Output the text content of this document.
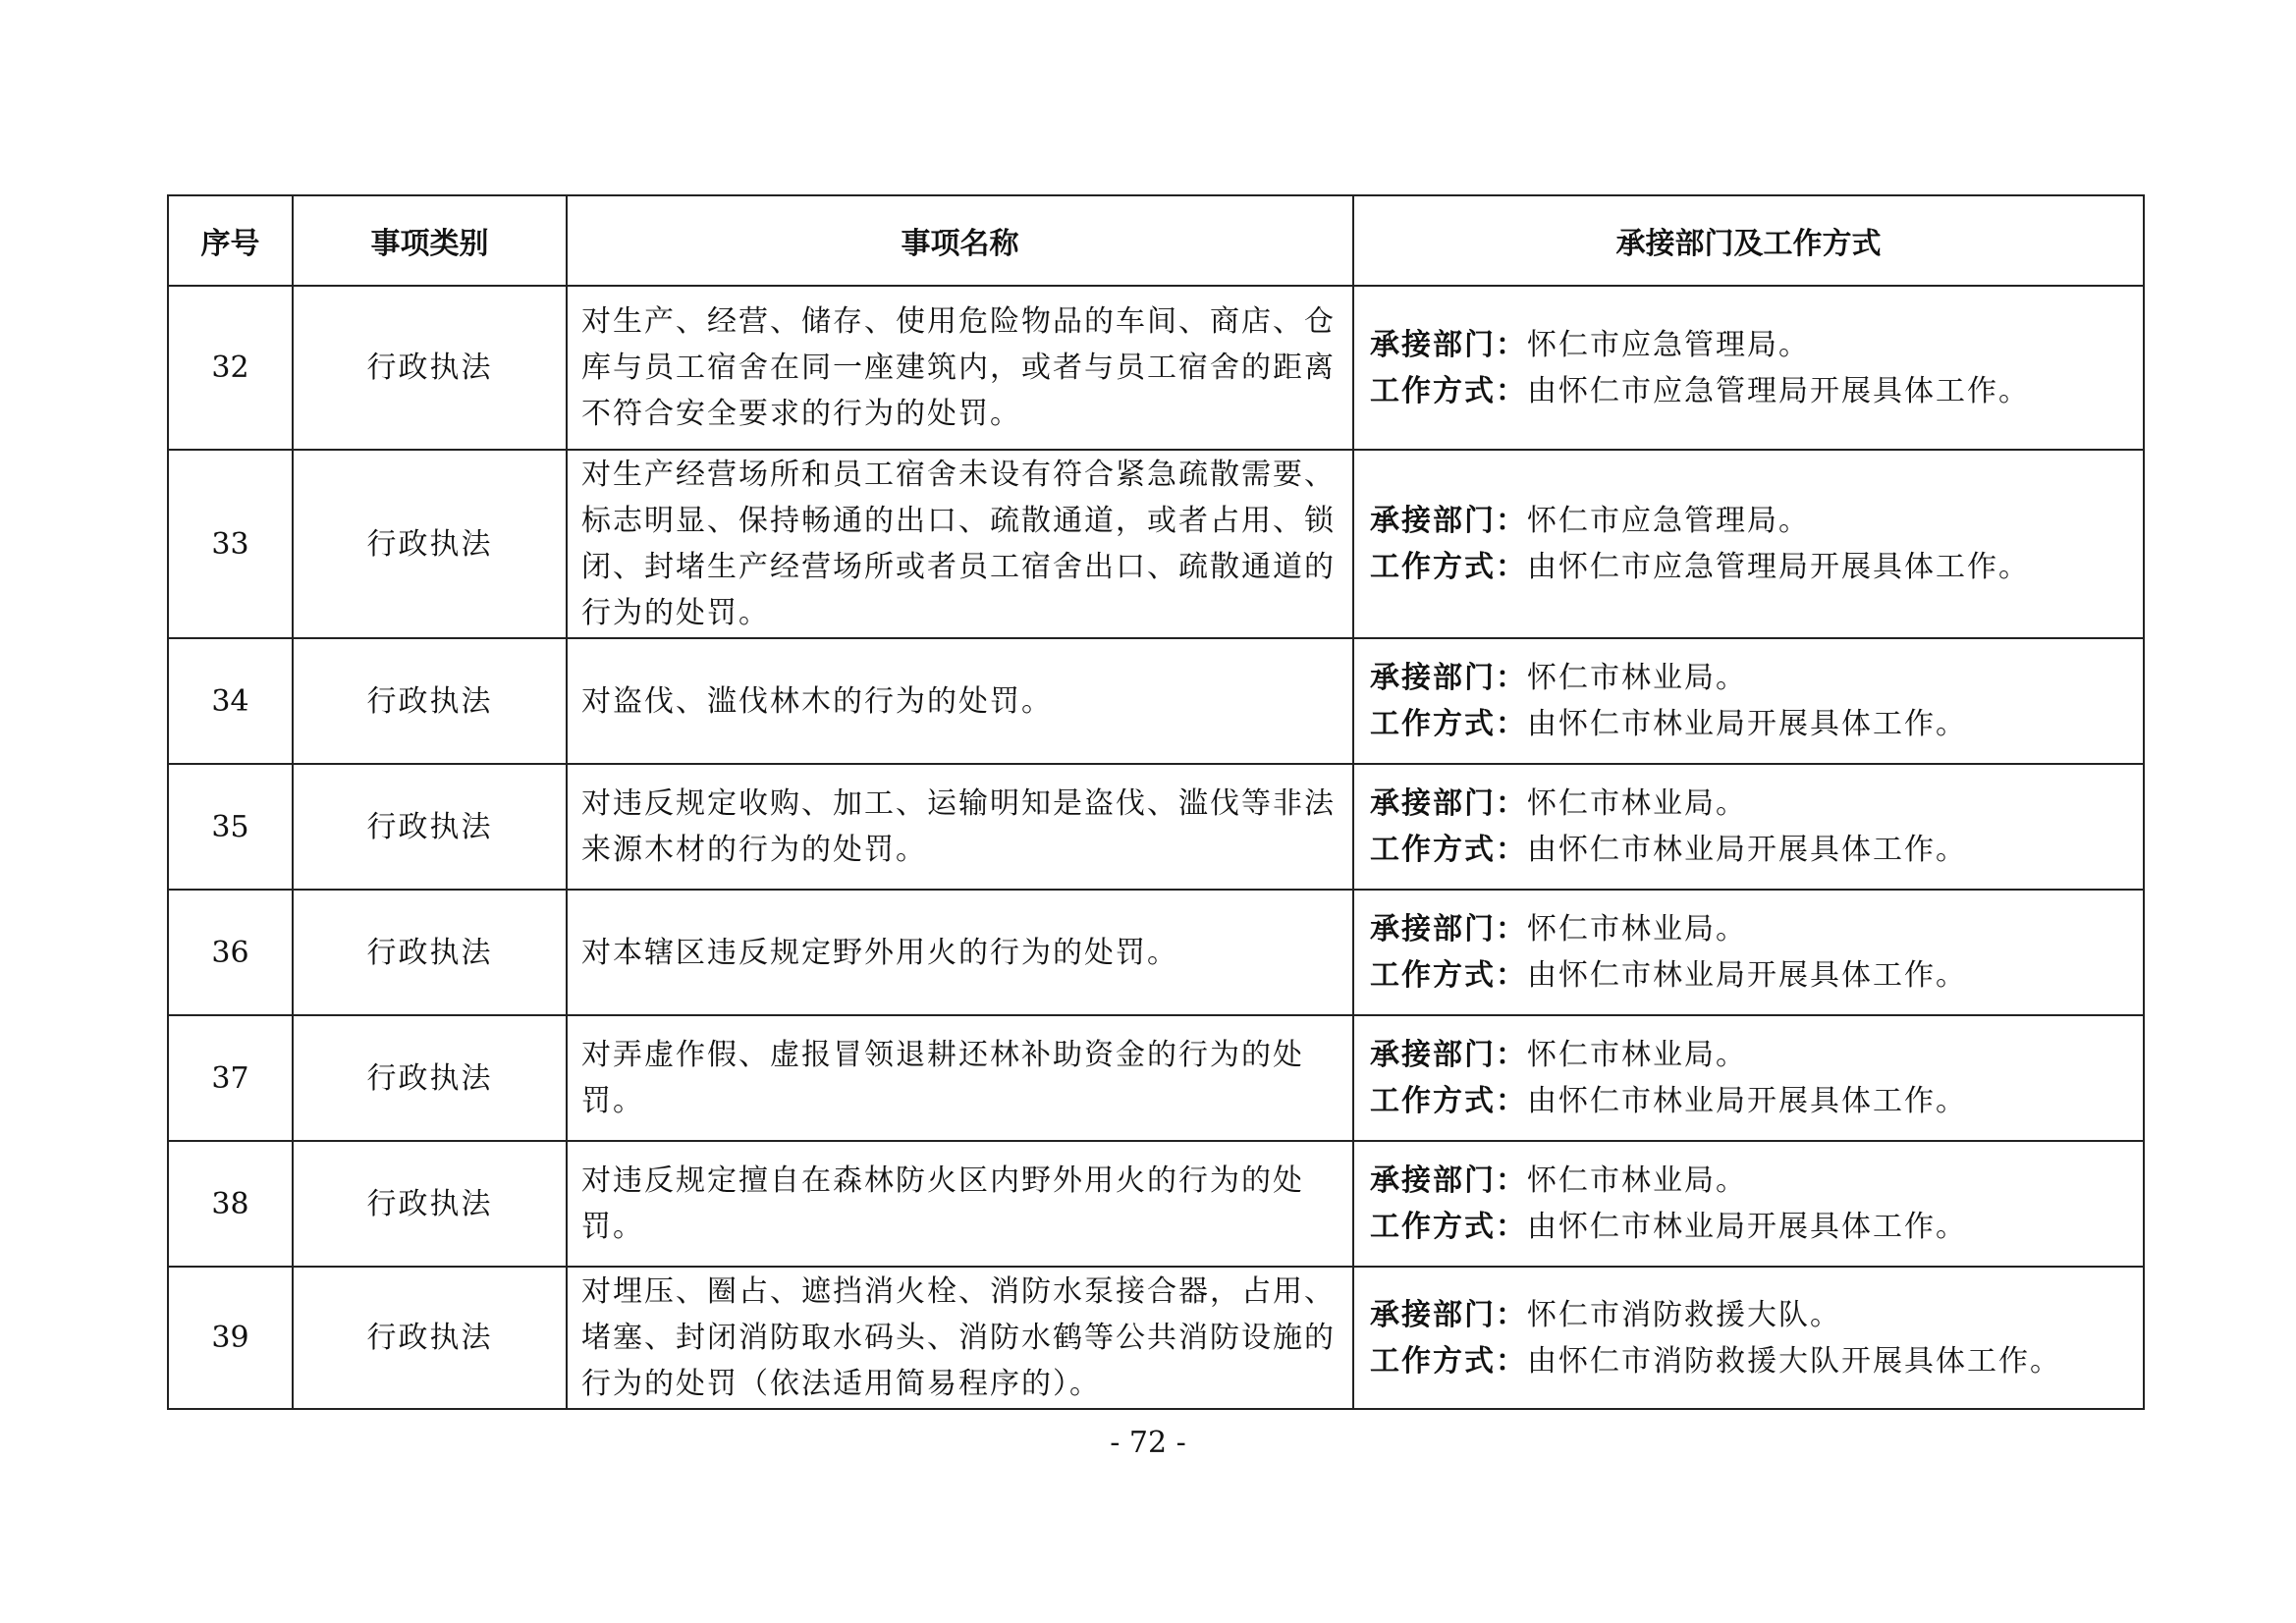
序号	事项类别	事项名称	承接部门及工作方式
32	行政执法	对生产、经营、储存、使用危险物品的车间、商店、仓库与员工宿舍在同一座建筑内，或者与员工宿舍的距离不符合安全要求的行为的处罚。	承接部门：怀仁市应急管理局。
工作方式：由怀仁市应急管理局开展具体工作。

33	行政执法	对生产经营场所和员工宿舍未设有符合紧急疏散需要、标志明显、保持畅通的出口、疏散通道，或者占用、锁闭、封堵生产经营场所或者员工宿舍出口、疏散通道的行为的处罚。	承接部门：怀仁市应急管理局。
工作方式：由怀仁市应急管理局开展具体工作。

34	行政执法	对盗伐、滥伐林木的行为的处罚。	承接部门：怀仁市林业局。
工作方式：由怀仁市林业局开展具体工作。

35	行政执法	对违反规定收购、加工、运输明知是盗伐、滥伐等非法来源木材的行为的处罚。	承接部门：怀仁市林业局。
工作方式：由怀仁市林业局开展具体工作。

36	行政执法	对本辖区违反规定野外用火的行为的处罚。	承接部门：怀仁市林业局。
工作方式：由怀仁市林业局开展具体工作。

37	行政执法	对弄虚作假、虚报冒领退耕还林补助资金的行为的处罚。	承接部门：怀仁市林业局。
工作方式：由怀仁市林业局开展具体工作。

38	行政执法	对违反规定擅自在森林防火区内野外用火的行为的处罚。	承接部门：怀仁市林业局。
工作方式：由怀仁市林业局开展具体工作。

39	行政执法	对埋压、圈占、遮挡消火栓、消防水泵接合器，占用、堵塞、封闭消防取水码头、消防水鹤等公共消防设施的行为的处罚（依法适用简易程序的）。	承接部门：怀仁市消防救援大队。
工作方式：由怀仁市消防救援大队开展具体工作。
- 72 -
